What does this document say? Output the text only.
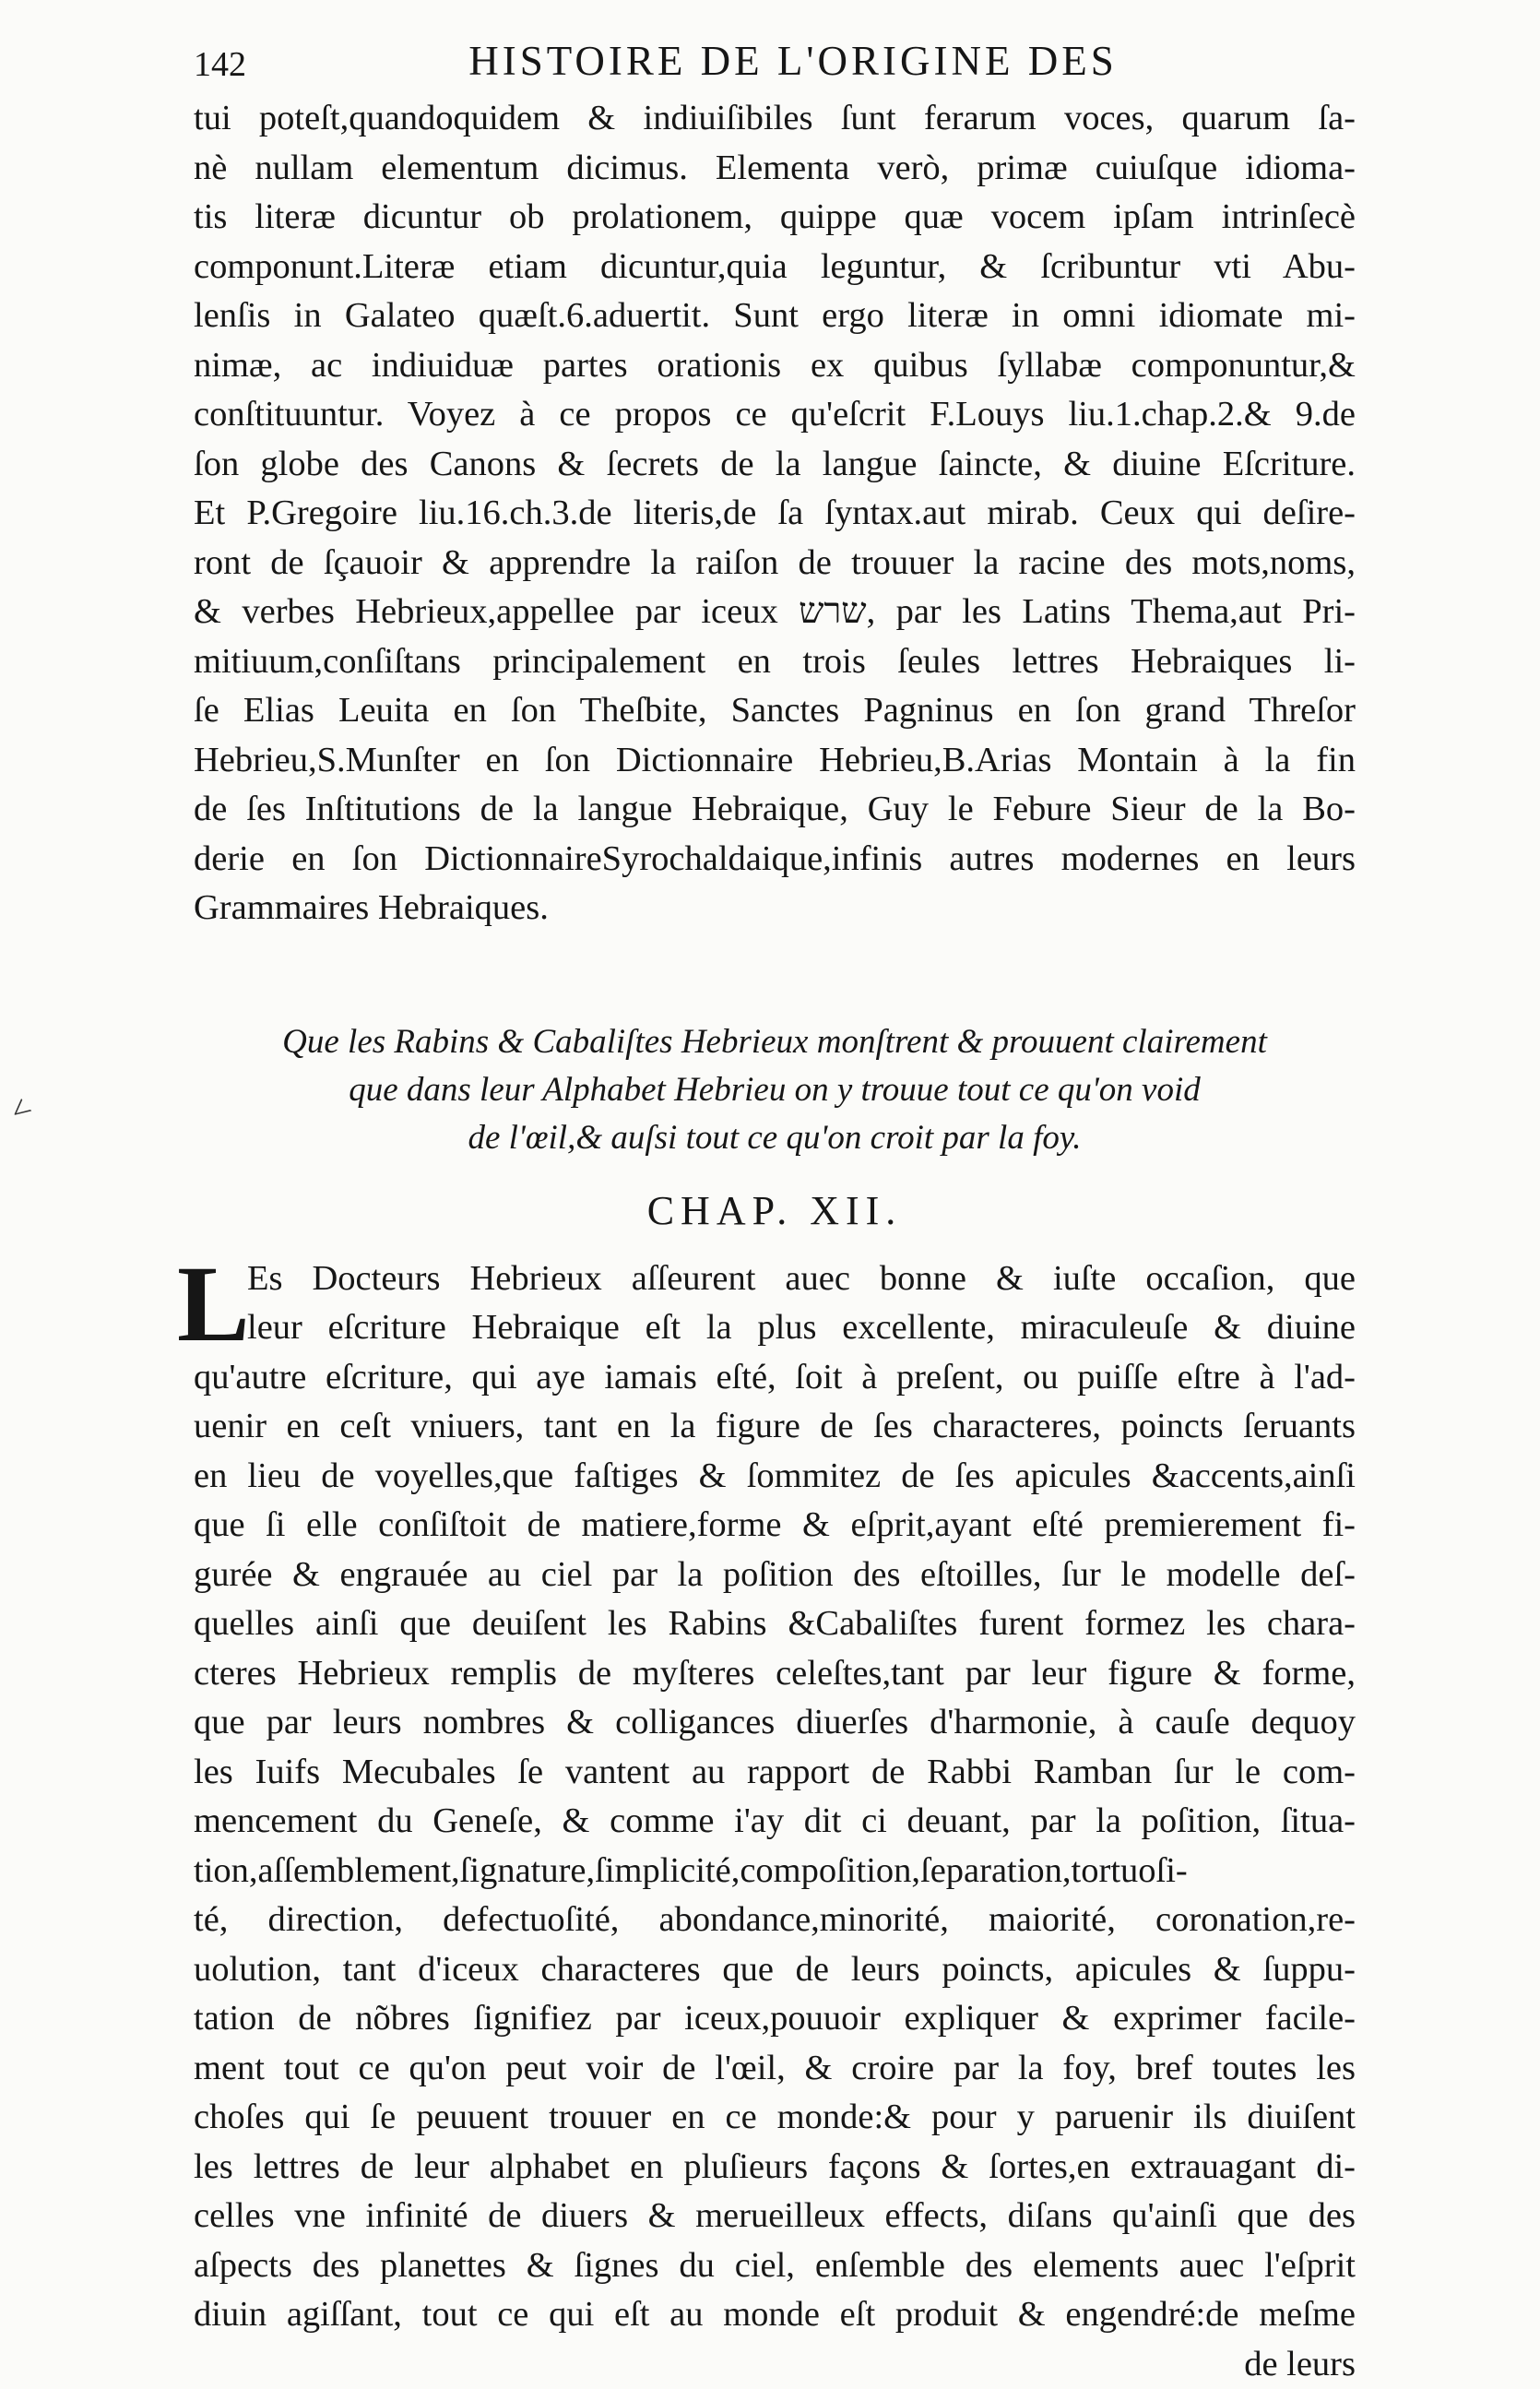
142	HISTOIRE DE L'ORIGINE DES
tui poteſt,quandoquidem & indiuiſibiles ſunt ferarum voces, quarum ſa-
nè nullam elementum dicimus. Elementa verò, primæ cuiuſque idioma-
tis literæ dicuntur ob prolationem, quippe quæ vocem ipſam intrinſecè
componunt.Literæ etiam dicuntur,quia leguntur, & ſcribuntur vti Abu-
lenſis in Galateo quæſt.6.aduertit. Sunt ergo literæ in omni idiomate mi-
nimæ, ac indiuiduæ partes orationis ex quibus ſyllabæ componuntur,&
conſtituuntur. Voyez à ce propos ce qu'eſcrit F.Louys liu.1.chap.2.& 9.de
ſon globe des Canons & ſecrets de la langue ſaincte, & diuine Eſcriture.
Et P.Gregoire liu.16.ch.3.de literis,de ſa ſyntax.aut mirab. Ceux qui deſire-
ront de ſçauoir & apprendre la raiſon de trouuer la racine des mots,noms,
& verbes Hebrieux,appellee par iceux שרש, par les Latins Thema,aut Pri-
mitiuum,conſiſtans principalement en trois ſeules lettres Hebraiques li-
ſe Elias Leuita en ſon Theſbite, Sanctes Pagninus en ſon grand Threſor
Hebrieu,S.Munſter en ſon Dictionnaire Hebrieu,B.Arias Montain à la fin
de ſes Inſtitutions de la langue Hebraique, Guy le Febure Sieur de la Bo-
derie en ſon DictionnaireSyrochaldaique,infinis autres modernes en leurs
Grammaires Hebraiques.
Que les Rabins & Cabaliſtes Hebrieux monſtrent & prouuent clairement
que dans leur Alphabet Hebrieu on y trouue tout ce qu'on void
de l'œil,& auſsi tout ce qu'on croit par la foy.
CHAP. XII.
L
Es Docteurs Hebrieux aſſeurent auec bonne & iuſte occaſion, que
leur eſcriture Hebraique eſt la plus excellente, miraculeuſe & diuine
qu'autre eſcriture, qui aye iamais eſté, ſoit à preſent, ou puiſſe eſtre à l'ad-
uenir en ceſt vniuers, tant en la figure de ſes characteres, poincts ſeruants
en lieu de voyelles,que faſtiges & ſommitez de ſes apicules &accents,ainſi
que ſi elle conſiſtoit de matiere,forme & eſprit,ayant eſté premierement fi-
gurée & engrauée au ciel par la poſition des eſtoilles, ſur le modelle deſ-
quelles ainſi que deuiſent les Rabins &Cabaliſtes furent formez les chara-
cteres Hebrieux remplis de myſteres celeſtes,tant par leur figure & forme,
que par leurs nombres & colligances diuerſes d'harmonie, à cauſe dequoy
les Iuifs Mecubales ſe vantent au rapport de Rabbi Ramban ſur le com-
mencement du Geneſe, & comme i'ay dit ci deuant, par la poſition, ſitua-
tion,aſſemblement,ſignature,ſimplicité,compoſition,ſeparation,tortuoſi-
té, direction, defectuoſité, abondance,minorité, maiorité, coronation,re-
uolution, tant d'iceux characteres que de leurs poincts, apicules & ſuppu-
tation de nõbres ſignifiez par iceux,pouuoir expliquer & exprimer facile-
ment tout ce qu'on peut voir de l'œil, & croire par la foy, bref toutes les
choſes qui ſe peuuent trouuer en ce monde:& pour y paruenir ils diuiſent
les lettres de leur alphabet en pluſieurs façons & ſortes,en extrauagant di-
celles vne infinité de diuers & merueilleux effects, diſans qu'ainſi que des
aſpects des planettes & ſignes du ciel, enſemble des elements auec l'eſprit
diuin agiſſant, tout ce qui eſt au monde eſt produit & engendré:de meſme
de leurs
<
